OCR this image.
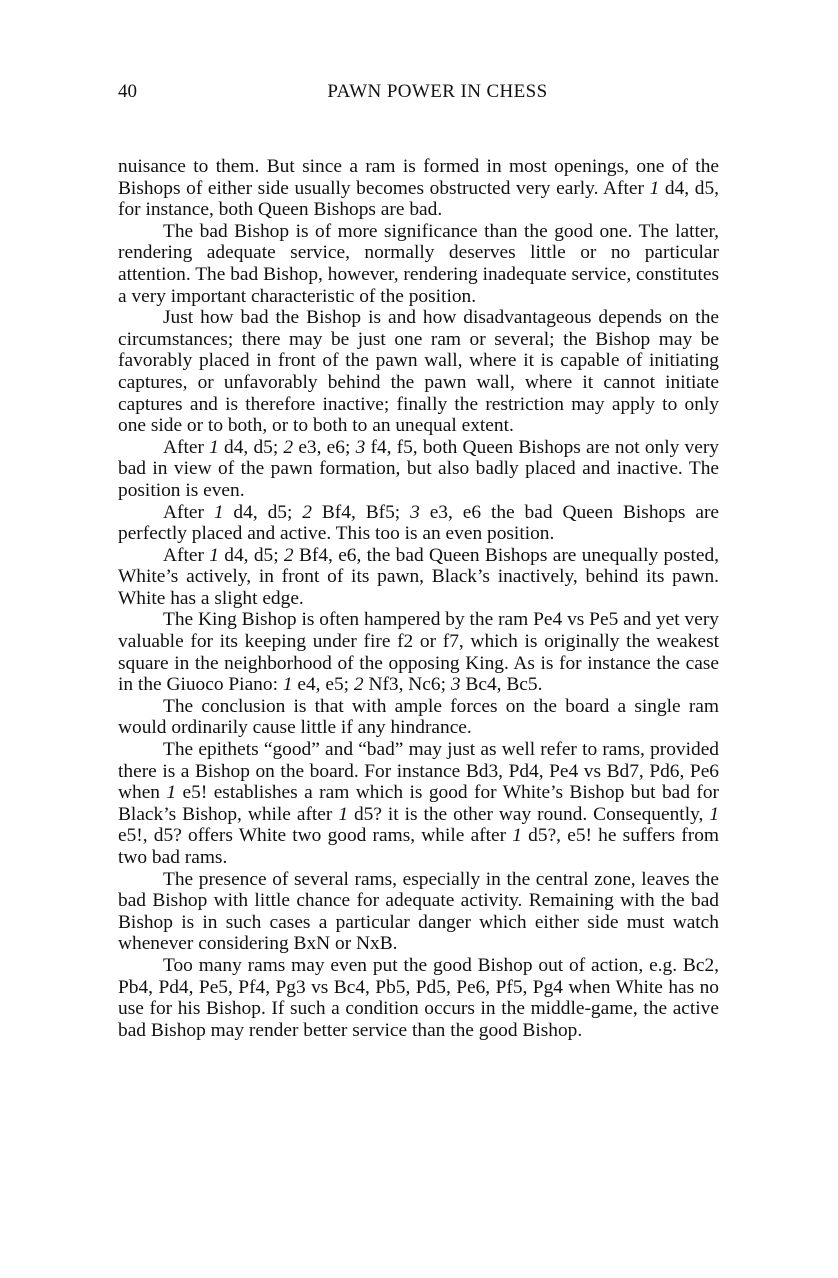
40	PAWN POWER IN CHESS

nuisance to them. But since a ram is formed in most openings, one of the Bishops of either side usually becomes obstructed very early. After 1 d4, d5, for instance, both Queen Bishops are bad.

The bad Bishop is of more significance than the good one. The latter, rendering adequate service, normally deserves little or no particular attention. The bad Bishop, however, rendering inadequate service, constitutes a very important characteristic of the position.

Just how bad the Bishop is and how disadvantageous depends on the circumstances; there may be just one ram or several; the Bishop may be favorably placed in front of the pawn wall, where it is capable of initiating captures, or unfavorably behind the pawn wall, where it cannot initiate captures and is therefore inactive; finally the restriction may apply to only one side or to both, or to both to an unequal extent.

After 1 d4, d5; 2 e3, e6; 3 f4, f5, both Queen Bishops are not only very bad in view of the pawn formation, but also badly placed and inactive. The position is even.

After 1 d4, d5; 2 Bf4, Bf5; 3 e3, e6 the bad Queen Bishops are perfectly placed and active. This too is an even position.

After 1 d4, d5; 2 Bf4, e6, the bad Queen Bishops are unequally posted, White’s actively, in front of its pawn, Black’s inactively, behind its pawn. White has a slight edge.

The King Bishop is often hampered by the ram Pe4 vs Pe5 and yet very valuable for its keeping under fire f2 or f7, which is originally the weakest square in the neighborhood of the opposing King. As is for instance the case in the Giuoco Piano: 1 e4, e5; 2 Nf3, Nc6; 3 Bc4, Bc5.

The conclusion is that with ample forces on the board a single ram would ordinarily cause little if any hindrance.

The epithets “good” and “bad” may just as well refer to rams, provided there is a Bishop on the board. For instance Bd3, Pd4, Pe4 vs Bd7, Pd6, Pe6 when 1 e5! establishes a ram which is good for White’s Bishop but bad for Black’s Bishop, while after 1 d5? it is the other way round. Consequently, 1 e5!, d5? offers White two good rams, while after 1 d5?, e5! he suffers from two bad rams.

The presence of several rams, especially in the central zone, leaves the bad Bishop with little chance for adequate activity. Remaining with the bad Bishop is in such cases a particular danger which either side must watch whenever considering BxN or NxB.

Too many rams may even put the good Bishop out of action, e.g. Bc2, Pb4, Pd4, Pe5, Pf4, Pg3 vs Bc4, Pb5, Pd5, Pe6, Pf5, Pg4 when White has no use for his Bishop. If such a condition occurs in the middle-game, the active bad Bishop may render better service than the good Bishop.
